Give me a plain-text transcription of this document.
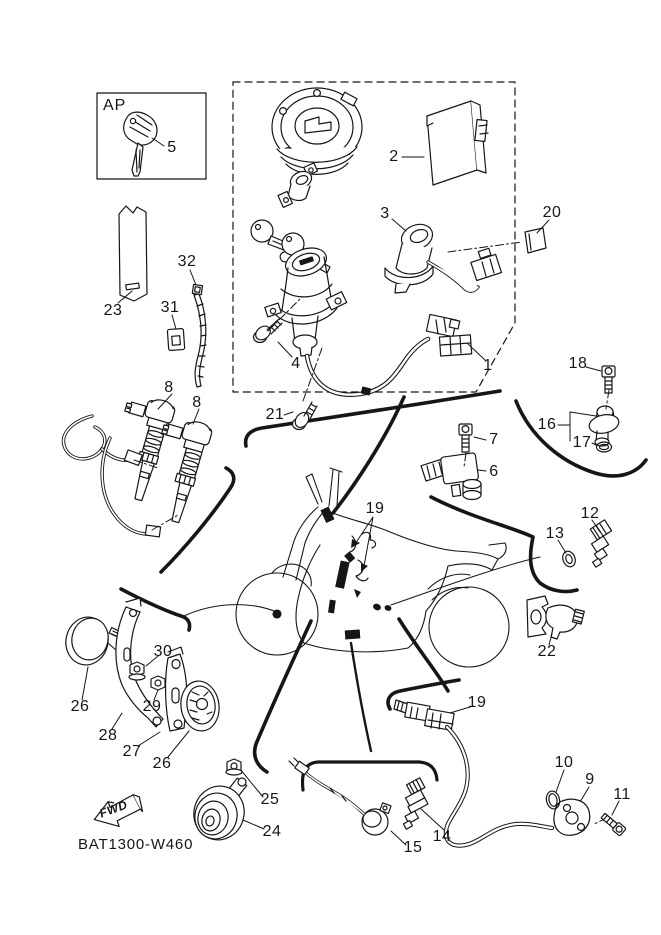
AP
5
23 31
32
2
3	20
4	1
21
18
16
17
7
6
8
8
19	12
13
22
26
28
30
29
27
26
24
25
15
14
19
10
9
11
FWD
BAT1300-W460
